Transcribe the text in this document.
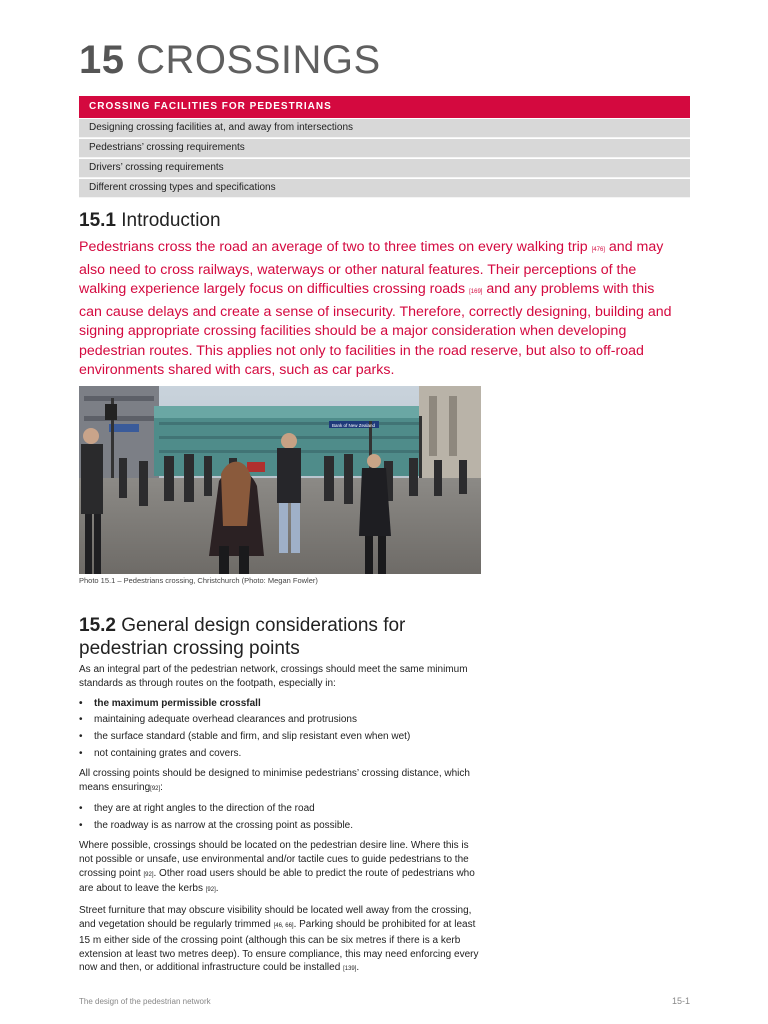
15 CROSSINGS
CROSSING FACILITIES FOR PEDESTRIANS
Designing crossing facilities at, and away from intersections
Pedestrians’ crossing requirements
Drivers’ crossing requirements
Different crossing types and specifications
15.1 Introduction

Pedestrians cross the road an average of two to three times on every walking trip [476] and may also need to cross railways, waterways or other natural features. Their perceptions of the walking experience largely focus on difficulties crossing roads [169] and any problems with this can cause delays and create a sense of insecurity. Therefore, correctly designing, building and signing appropriate crossing facilities should be a major consideration when developing pedestrian routes. This applies not only to facilities in the road reserve, but also to off-road environments shared with cars, such as car parks.

Bank of New Zealand
Photo 15.1 – Pedestrians crossing, Christchurch (Photo: Megan Fowler)
15.2 General design considerations for
pedestrian crossing points

As an integral part of the pedestrian network, crossings should meet the same minimum standards as through routes on the footpath, especially in:

• the maximum permissible crossfall
• maintaining adequate overhead clearances and protrusions
• the surface standard (stable and firm, and slip resistant even when wet)
• not containing grates and covers.

All crossing points should be designed to minimise pedestrians’ crossing distance, which means ensuring[92]:

• they are at right angles to the direction of the road
• the roadway is as narrow at the crossing point as possible.

Where possible, crossings should be located on the pedestrian desire line. Where this is not possible or unsafe, use environmental and/or tactile cues to guide pedestrians to the crossing point [92]. Other road users should be able to predict the route of pedestrians who are about to leave the kerbs [92].

Street furniture that may obscure visibility should be located well away from the crossing, and vegetation should be regularly trimmed [46, 66]. Parking should be prohibited for at least 15 m either side of the crossing point (although this can be six metres if there is a kerb extension at least two metres deep). To ensure compliance, this may need enforcing every now and then, or additional infrastructure could be installed [139].

The design of the pedestrian network	15-1
